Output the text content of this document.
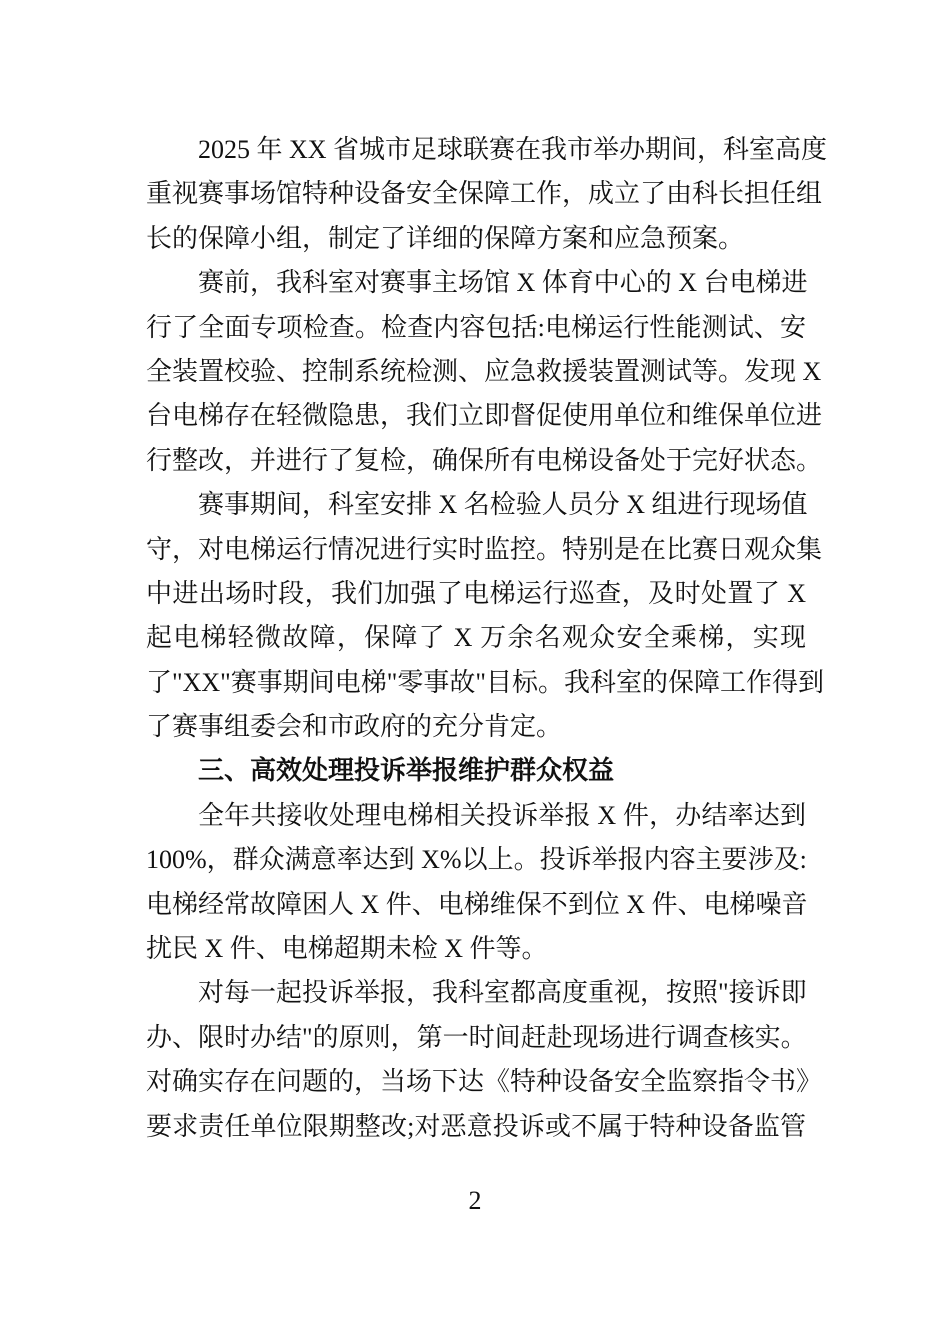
2025 年 XX 省城市足球联赛在我市举办期间，科室高度
重视赛事场馆特种设备安全保障工作，成立了由科长担任组
长的保障小组，制定了详细的保障方案和应急预案。
赛前，我科室对赛事主场馆 X 体育中心的 X 台电梯进
行了全面专项检查。检查内容包括:电梯运行性能测试、安
全装置校验、控制系统检测、应急救援装置测试等。发现 X
台电梯存在轻微隐患，我们立即督促使用单位和维保单位进
行整改，并进行了复检，确保所有电梯设备处于完好状态。
赛事期间，科室安排 X 名检验人员分 X 组进行现场值
守，对电梯运行情况进行实时监控。特别是在比赛日观众集
中进出场时段，我们加强了电梯运行巡查，及时处置了 X
起电梯轻微故障，保障了 X 万余名观众安全乘梯，实现
了"XX"赛事期间电梯"零事故"目标。我科室的保障工作得到
了赛事组委会和市政府的充分肯定。
三、高效处理投诉举报维护群众权益
全年共接收处理电梯相关投诉举报 X 件，办结率达到
100%，群众满意率达到 X%以上。投诉举报内容主要涉及:
电梯经常故障困人 X 件、电梯维保不到位 X 件、电梯噪音
扰民 X 件、电梯超期未检 X 件等。
对每一起投诉举报，我科室都高度重视，按照"接诉即
办、限时办结"的原则，第一时间赶赴现场进行调查核实。
对确实存在问题的，当场下达《特种设备安全监察指令书》
要求责任单位限期整改;对恶意投诉或不属于特种设备监管
2
